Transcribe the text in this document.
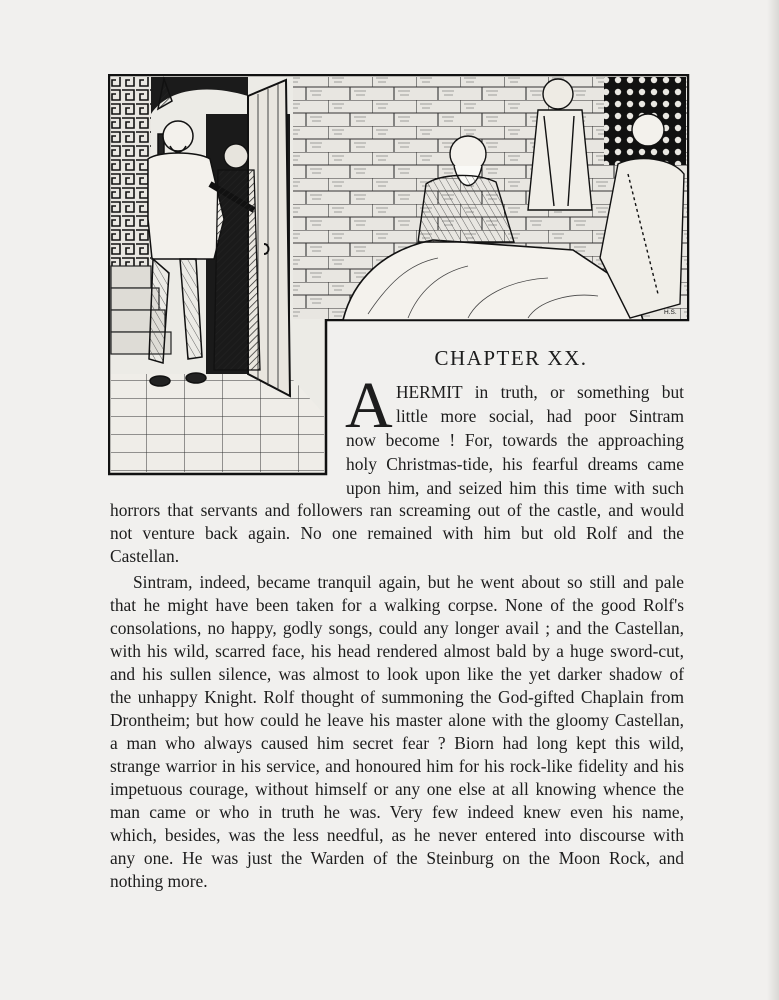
H.S.
CHAPTER XX.
A HERMIT in truth, or something but

little more social, had poor Sintram

now become ! For, towards the approaching

holy Christmas-tide, his fearful dreams came

upon him, and seized him this time with such

horrors that servants and followers ran screaming out of the castle, and would

not venture back again. No one remained with him but old Rolf and the

Castellan.

Sintram, indeed, became tranquil again, but he went about so still and pale

that he might have been taken for a walking corpse. None of the good Rolf's

consolations, no happy, godly songs, could any longer avail ; and the Castellan,

with his wild, scarred face, his head rendered almost bald by a huge sword-cut,

and his sullen silence, was almost to look upon like the yet darker shadow of

the unhappy Knight. Rolf thought of summoning the God-gifted Chaplain from

Drontheim; but how could he leave his master alone with the gloomy Castellan,

a man who always caused him secret fear ? Biorn had long kept this wild,

strange warrior in his service, and honoured him for his rock-like fidelity and his

impetuous courage, without himself or any one else at all knowing whence the

man came or who in truth he was. Very few indeed knew even his name,

which, besides, was the less needful, as he never entered into discourse with

any one. He was just the Warden of the Steinburg on the Moon Rock, and

nothing more.
